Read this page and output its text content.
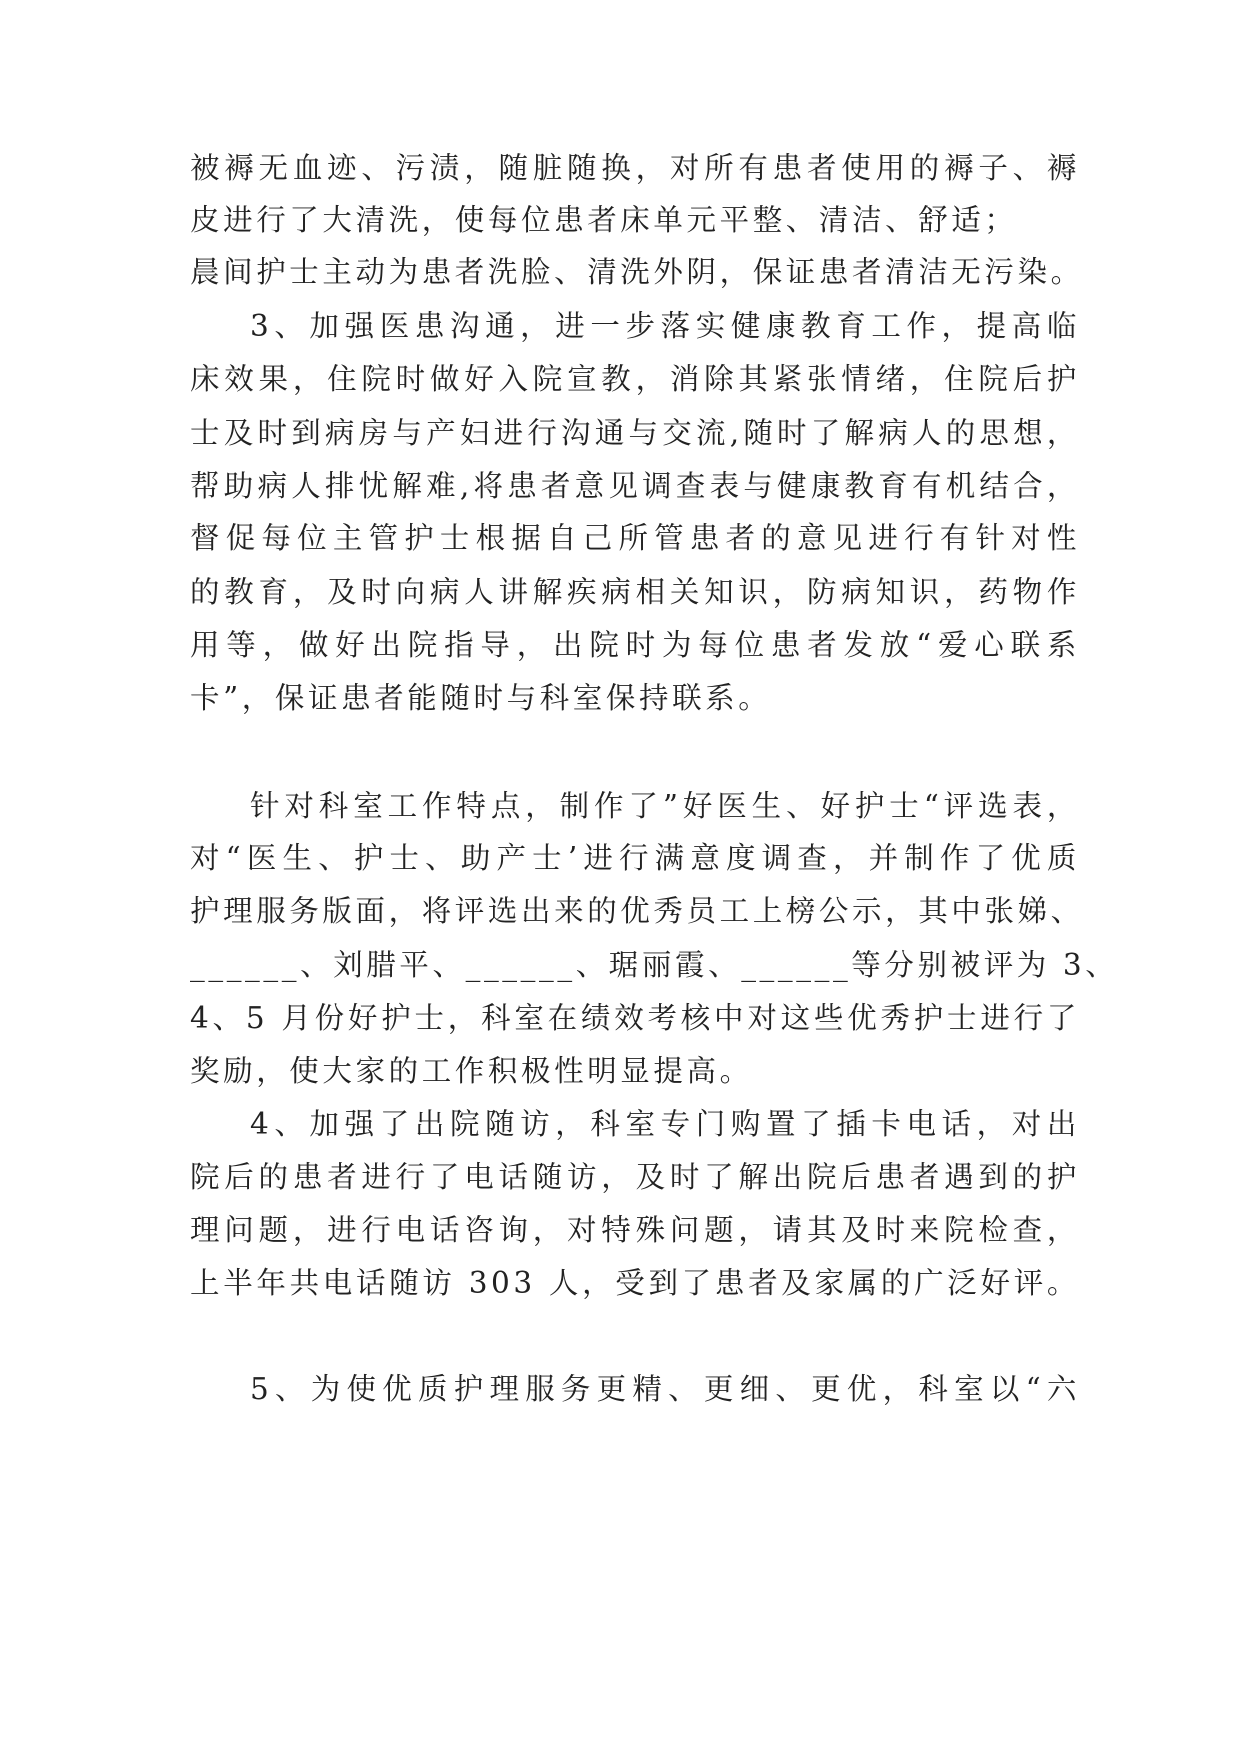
被褥无血迹、污渍，随脏随换，对所有患者使用的褥子、褥
皮进行了大清洗，使每位患者床单元平整、清洁、舒适；
晨间护士主动为患者洗脸、清洗外阴，保证患者清洁无污染。
3、加强医患沟通，进一步落实健康教育工作，提高临
床效果，住院时做好入院宣教，消除其紧张情绪，住院后护
士及时到病房与产妇进行沟通与交流,随时了解病人的思想，
帮助病人排忧解难,将患者意见调查表与健康教育有机结合，
督促每位主管护士根据自己所管患者的意见进行有针对性
的教育，及时向病人讲解疾病相关知识，防病知识，药物作
用等，做好出院指导，出院时为每位患者发放“爱心联系
卡”，保证患者能随时与科室保持联系。
针对科室工作特点，制作了”好医生、好护士“评选表，
对“医生、护士、助产士’进行满意度调查，并制作了优质
护理服务版面，将评选出来的优秀员工上榜公示，其中张娣、
______、刘腊平、______、琚丽霞、______等分别被评为 3、
4、5 月份好护士，科室在绩效考核中对这些优秀护士进行了
奖励，使大家的工作积极性明显提高。
4、加强了出院随访，科室专门购置了插卡电话，对出
院后的患者进行了电话随访，及时了解出院后患者遇到的护
理问题，进行电话咨询，对特殊问题，请其及时来院检查，
上半年共电话随访 303 人，受到了患者及家属的广泛好评。
5、为使优质护理服务更精、更细、更优，科室以“六
